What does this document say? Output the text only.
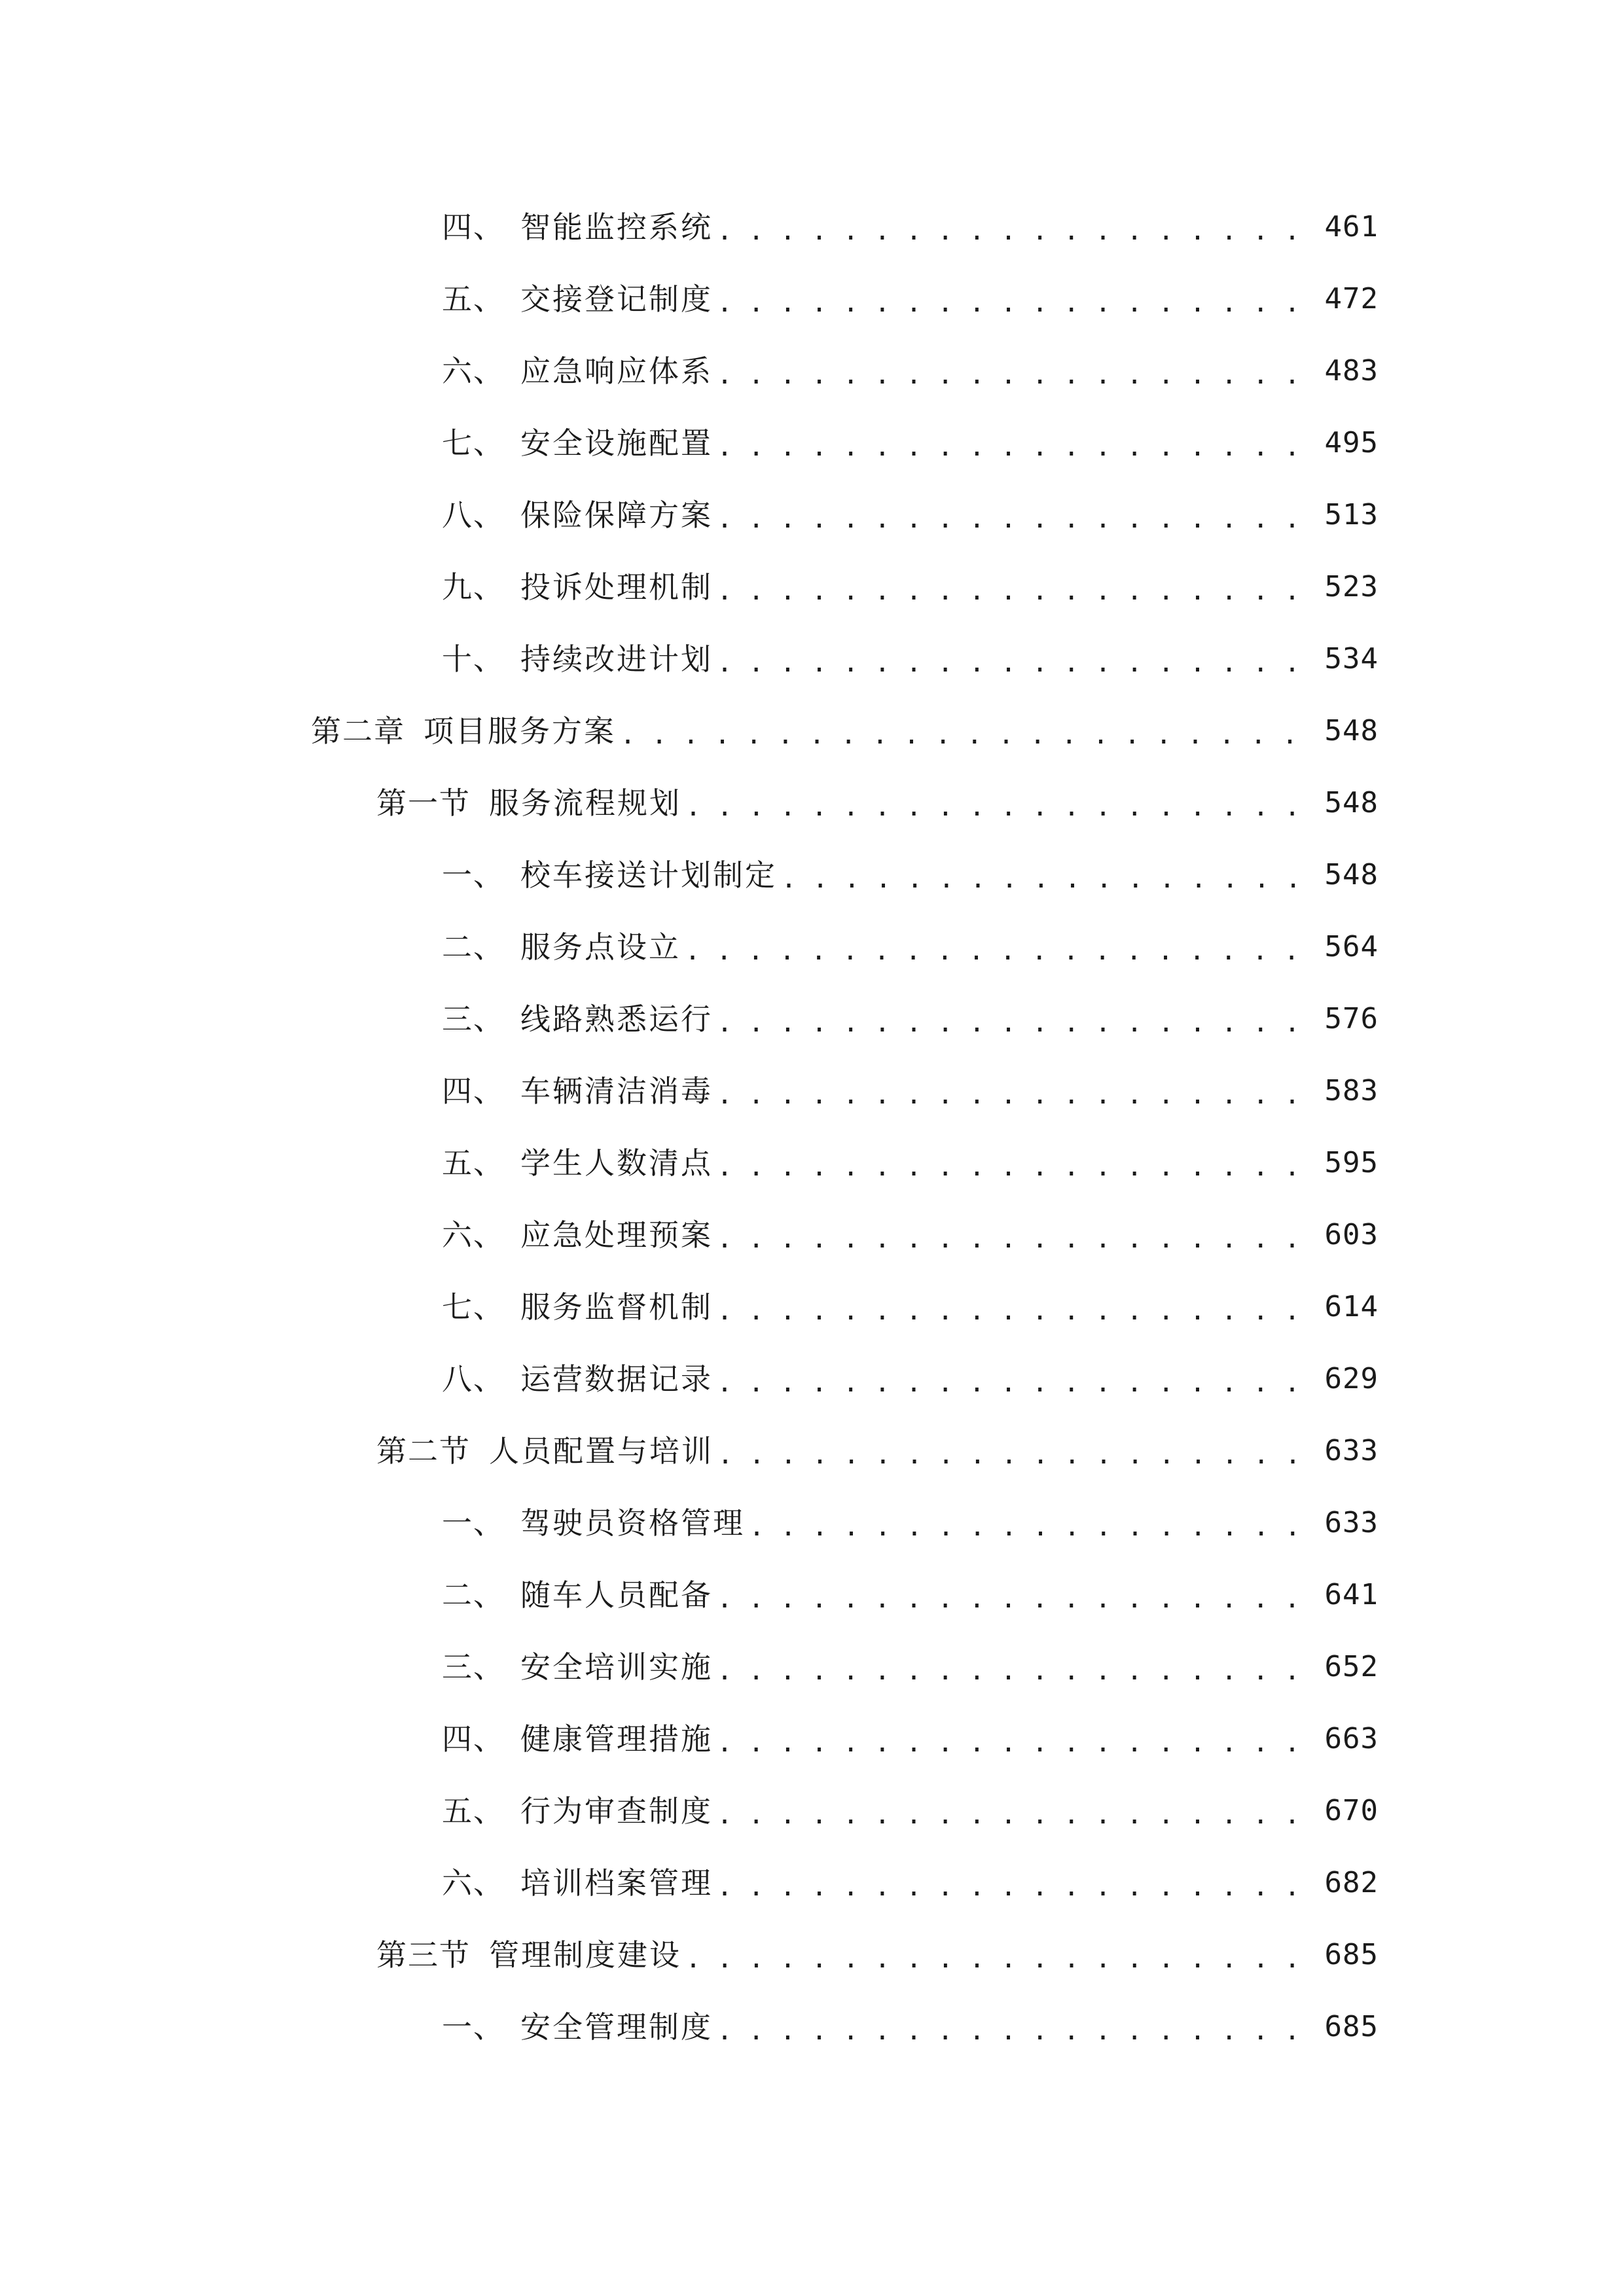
四、 智能监控系统 . . .	461
五、 交接登记制度 . . .	472
六、 应急响应体系 . . .	483
七、 安全设施配置 . . .	495
八、 保险保障方案 . . .	513
九、 投诉处理机制 . . .	523
十、 持续改进计划 . . .	534
第二章 项目服务方案 . . .	548
第一节 服务流程规划 . . .	548
一、 校车接送计划制定 . . .	548
二、 服务点设立 . . .	564
三、 线路熟悉运行 . . .	576
四、 车辆清洁消毒 . . .	583
五、 学生人数清点 . . .	595
六、 应急处理预案 . . .	603
七、 服务监督机制 . . .	614
八、 运营数据记录 . . .	629
第二节 人员配置与培训 . . .	633
一、 驾驶员资格管理 . . .	633
二、 随车人员配备 . . .	641
三、 安全培训实施 . . .	652
四、 健康管理措施 . . .	663
五、 行为审查制度 . . .	670
六、 培训档案管理 . . .	682
第三节 管理制度建设 . . .	685
一、 安全管理制度 . . .	685
